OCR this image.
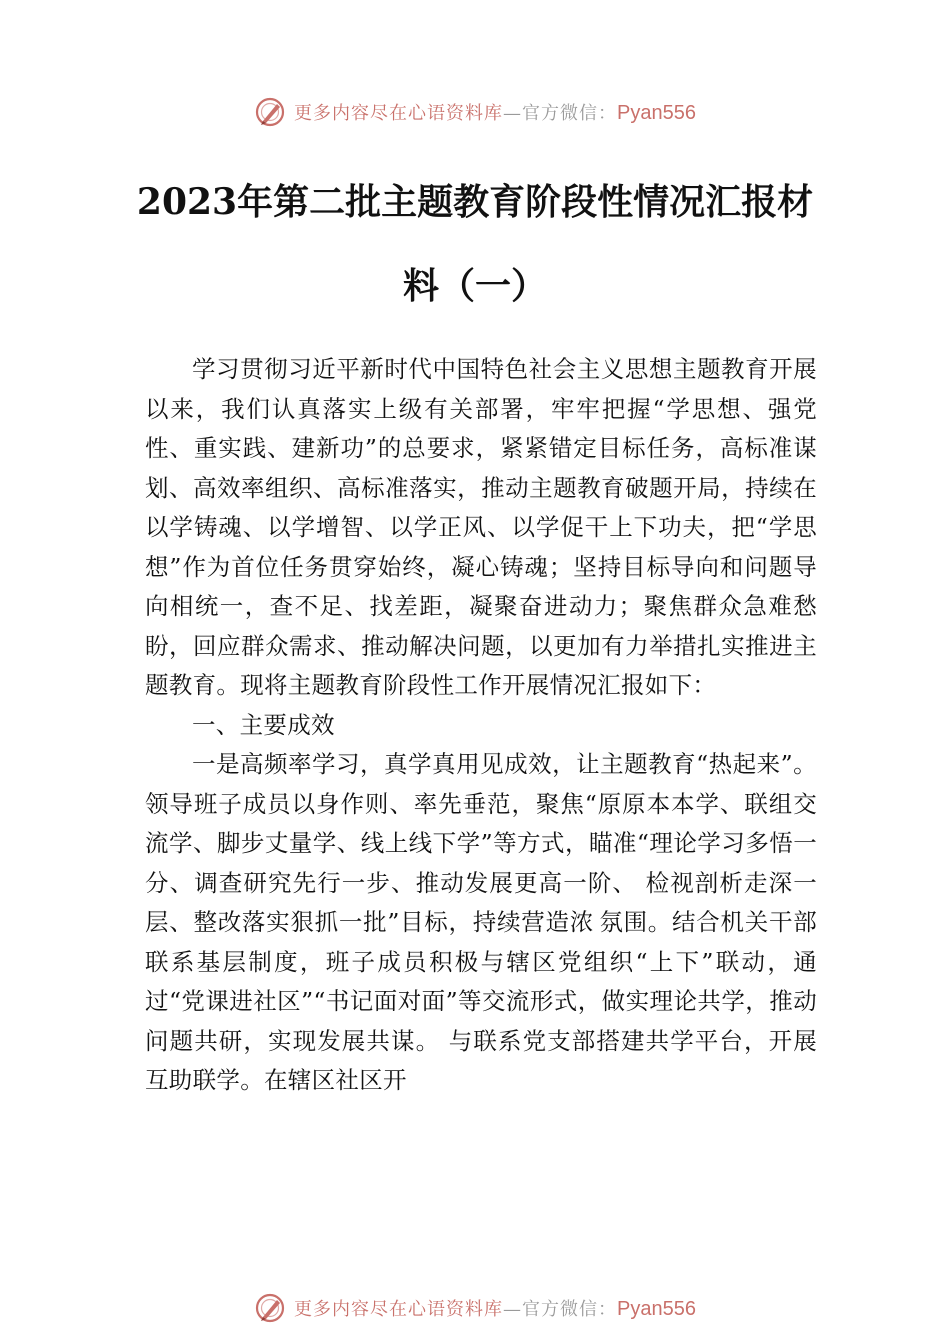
更多内容尽在心语资料库—官方微信：Pyan556
2023年第二批主题教育阶段性情况汇报材料（一）

学习贯彻习近平新时代中国特色社会主义思想主题教育开展以来，我们认真落实上级有关部署，牢牢把握“学思想、强党性、重实践、建新功”的总要求，紧紧错定目标任务，高标准谋划、高效率组织、高标准落实，推动主题教育破题开局，持续在以学铸魂、以学增智、以学正风、以学促干上下功夫，把“学思想”作为首位任务贯穿始终，凝心铸魂；坚持目标导向和问题导向相统一，查不足、找差距，凝聚奋进动力；聚焦群众急难愁盼，回应群众需求、推动解决问题，以更加有力举措扎实推进主题教育。现将主题教育阶段性工作开展情况汇报如下：

一、主要成效

一是高频率学习，真学真用见成效，让主题教育“热起来”。领导班子成员以身作则、率先垂范，聚焦“原原本本学、联组交流学、脚步丈量学、线上线下学”等方式，瞄准“理论学习多悟一分、调查研究先行一步、推动发展更高一阶、 检视剖析走深一层、整改落实狠抓一批”目标，持续营造浓 氛围。结合机关干部联系基层制度，班子成员积极与辖区党组织“上下”联动，通过“党课进社区”“书记面对面”等交流形式，做实理论共学，推动问题共研，实现发展共谋。 与联系党支部搭建共学平台，开展互助联学。在辖区社区开

更多内容尽在心语资料库—官方微信：Pyan556
